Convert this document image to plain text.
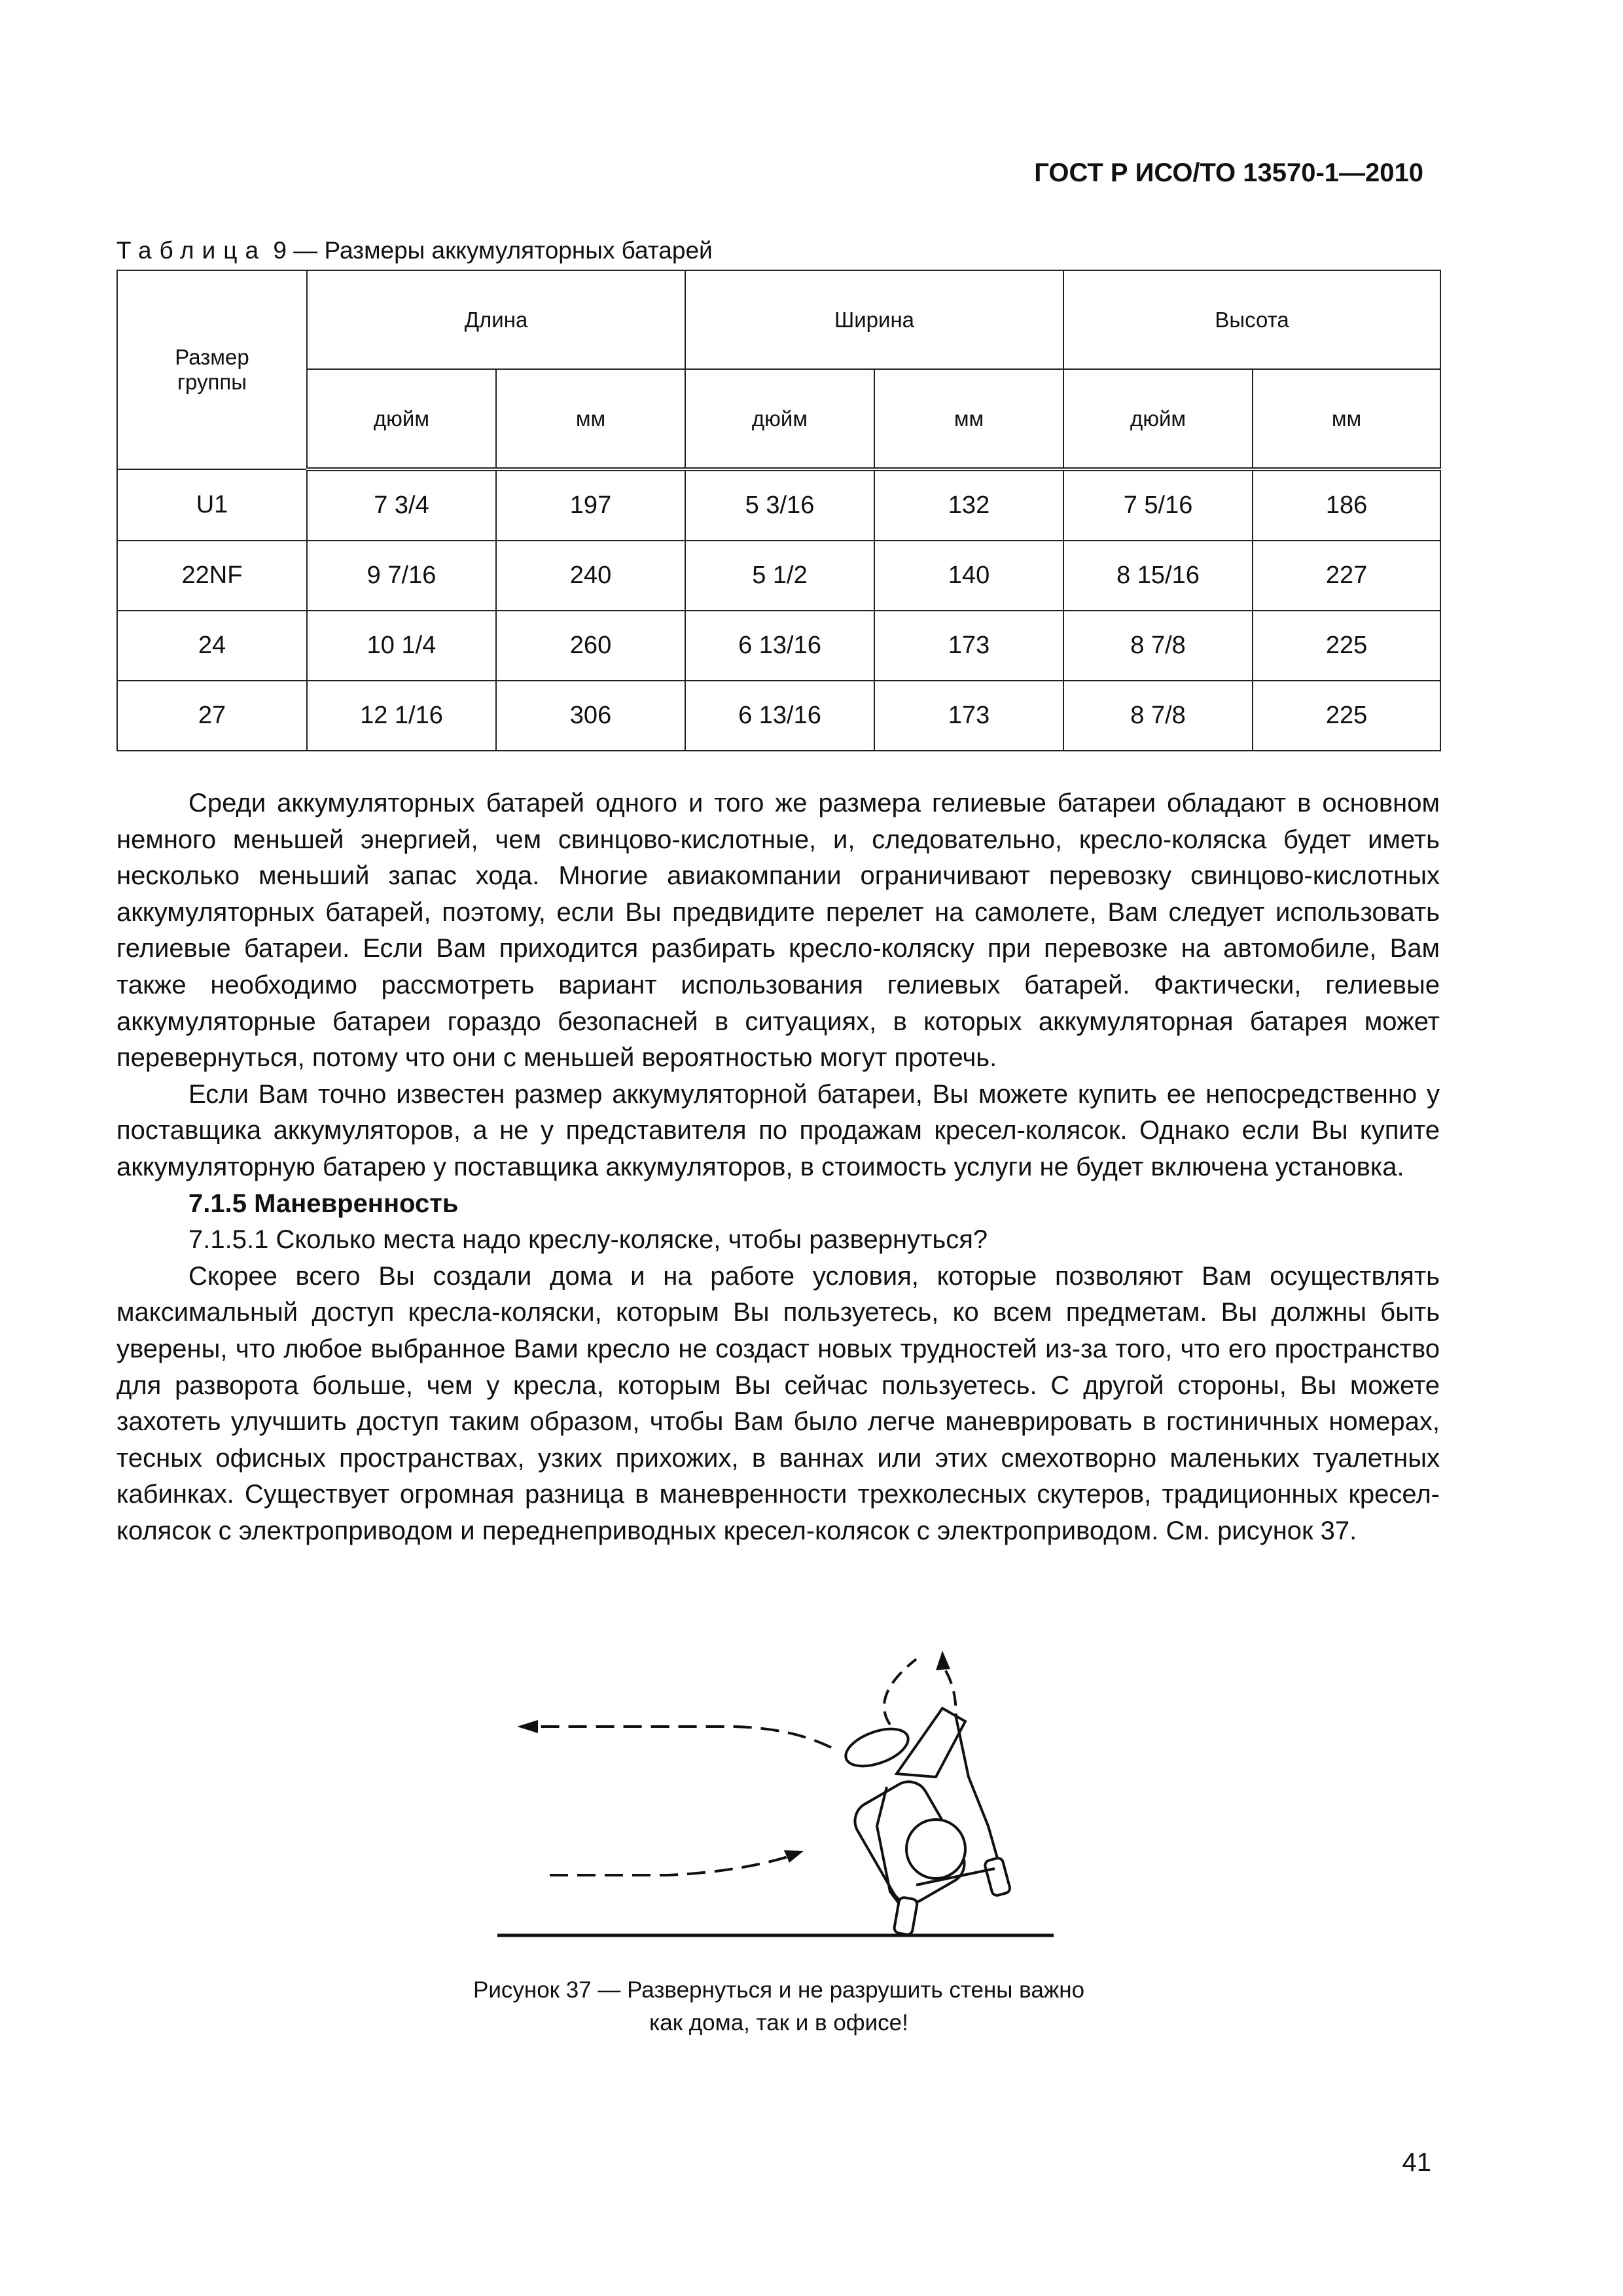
ГОСТ Р ИСО/ТО 13570-1—2010
Таблица 9 — Размеры аккумуляторных батарей
Размер группы	Длина		Ширина		Высота	
	дюйм	мм	дюйм	мм	дюйм	мм
U1	7 3/4	197	5 3/16	132	7 5/16	186
22NF	9 7/16	240	5 1/2	140	8 15/16	227
24	10 1/4	260	6 13/16	173	8 7/8	225
27	12 1/16	306	6 13/16	173	8 7/8	225

Среди аккумуляторных батарей одного и того же размера гелиевые батареи обладают в основном немного меньшей энергией, чем свинцово-кислотные, и, следовательно, кресло-коляска будет иметь несколько меньший запас хода. Многие авиакомпании ограничивают перевозку свинцово-кислотных аккумуляторных батарей, поэтому, если Вы предвидите перелет на самолете, Вам следует использовать гелиевые батареи. Если Вам приходится разбирать кресло-коляску при перевозке на автомобиле, Вам также необходимо рассмотреть вариант использования гелиевых батарей. Фактически, гелиевые аккумуляторные батареи гораздо безопасней в ситуациях, в которых аккумуляторная батарея может перевернуться, потому что они с меньшей вероятностью могут протечь.

Если Вам точно известен размер аккумуляторной батареи, Вы можете купить ее непосредственно у поставщика аккумуляторов, а не у представителя по продажам кресел-колясок. Однако если Вы купите аккумуляторную батарею у поставщика аккумуляторов, в стоимость услуги не будет включена установка.

7.1.5 Маневренность

7.1.5.1 Сколько места надо креслу-коляске, чтобы развернуться?

Скорее всего Вы создали дома и на работе условия, которые позволяют Вам осуществлять максимальный доступ кресла-коляски, которым Вы пользуетесь, ко всем предметам. Вы должны быть уверены, что любое выбранное Вами кресло не создаст новых трудностей из-за того, что его пространство для разворота больше, чем у кресла, которым Вы сейчас пользуетесь. С другой стороны, Вы можете захотеть улучшить доступ таким образом, чтобы Вам было легче маневрировать в гостиничных номерах, тесных офисных пространствах, узких прихожих, в ваннах или этих смехотворно маленьких туалетных кабинках. Существует огромная разница в маневренности трехколесных скутеров, традиционных кресел-колясок с электроприводом и переднеприводных кресел-колясок с электроприводом. См. рисунок 37.

Рисунок 37 — Развернуться и не разрушить стены важно
как дома, так и в офисе!
41
